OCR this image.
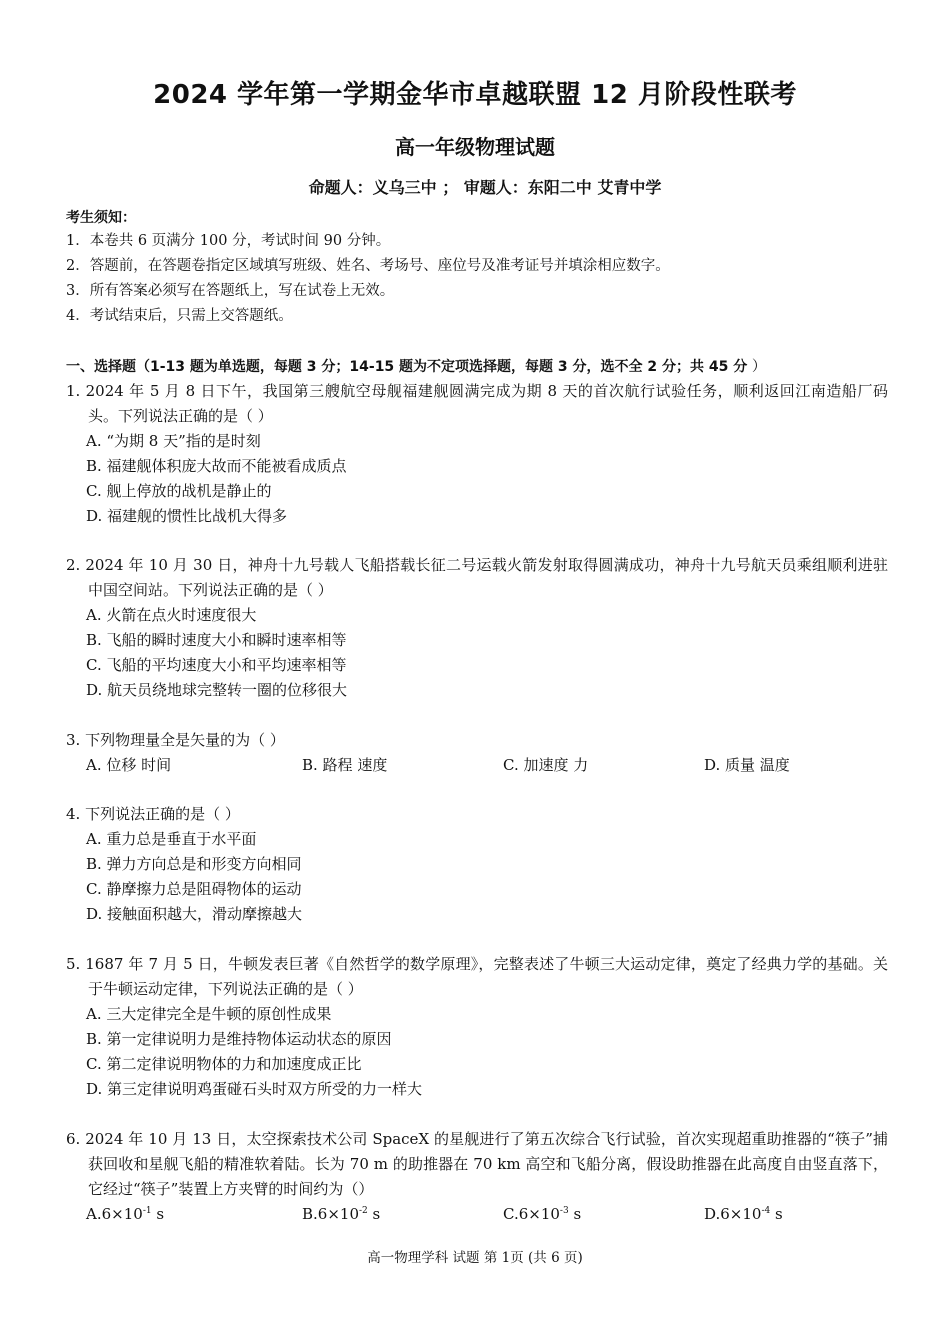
2024 学年第一学期金华市卓越联盟 12 月阶段性联考
高一年级物理试题
命题人：义乌三中 ； 审题人：东阳二中 艾青中学
考生须知：
1．本卷共 6 页满分 100 分，考试时间 90 分钟。
2．答题前，在答题卷指定区域填写班级、姓名、考场号、座位号及准考证号并填涂相应数字。
3．所有答案必须写在答题纸上，写在试卷上无效。
4．考试结束后，只需上交答题纸。
一、选择题（1-13 题为单选题，每题 3 分；14-15 题为不定项选择题，每题 3 分，选不全 2 分；共 45 分 ）
1. 2024 年 5 月 8 日下午，我国第三艘航空母舰福建舰圆满完成为期 8 天的首次航行试验任务，顺利返回江南造船厂码头。下列说法正确的是（ ）
A. “为期 8 天”指的是时刻
B. 福建舰体积庞大故而不能被看成质点
C. 舰上停放的战机是静止的
D. 福建舰的惯性比战机大得多
2. 2024 年 10 月 30 日，神舟十九号载人飞船搭载长征二号运载火箭发射取得圆满成功，神舟十九号航天员乘组顺利进驻中国空间站。下列说法正确的是（ ）
A. 火箭在点火时速度很大
B. 飞船的瞬时速度大小和瞬时速率相等
C. 飞船的平均速度大小和平均速率相等
D. 航天员绕地球完整转一圈的位移很大
3. 下列物理量全是矢量的为（ ）
A. 位移 时间	B. 路程 速度	C. 加速度 力	D. 质量 温度
4. 下列说法正确的是（ ）
A. 重力总是垂直于水平面
B. 弹力方向总是和形变方向相同
C. 静摩擦力总是阻碍物体的运动
D. 接触面积越大，滑动摩擦越大
5. 1687 年 7 月 5 日，牛顿发表巨著《自然哲学的数学原理》，完整表述了牛顿三大运动定律，奠定了经典力学的基础。关于牛顿运动定律，下列说法正确的是（ ）
A. 三大定律完全是牛顿的原创性成果
B. 第一定律说明力是维持物体运动状态的原因
C. 第二定律说明物体的力和加速度成正比
D. 第三定律说明鸡蛋碰石头时双方所受的力一样大
6. 2024 年 10 月 13 日，太空探索技术公司 SpaceX 的星舰进行了第五次综合飞行试验，首次实现超重助推器的“筷子”捕获回收和星舰飞船的精准软着陆。长为 70 m 的助推器在 70 km 高空和飞船分离，假设助推器在此高度自由竖直落下，它经过“筷子”装置上方夹臂的时间约为（）
$A.6\times 10^{-1}$ s	$B.6\times 10^{-2}$ s	$C.6\times 10^{-3}$ s	$D.6\times 10^{-4}$ s
高一物理学科 试题 第 1页 (共 6 页)
